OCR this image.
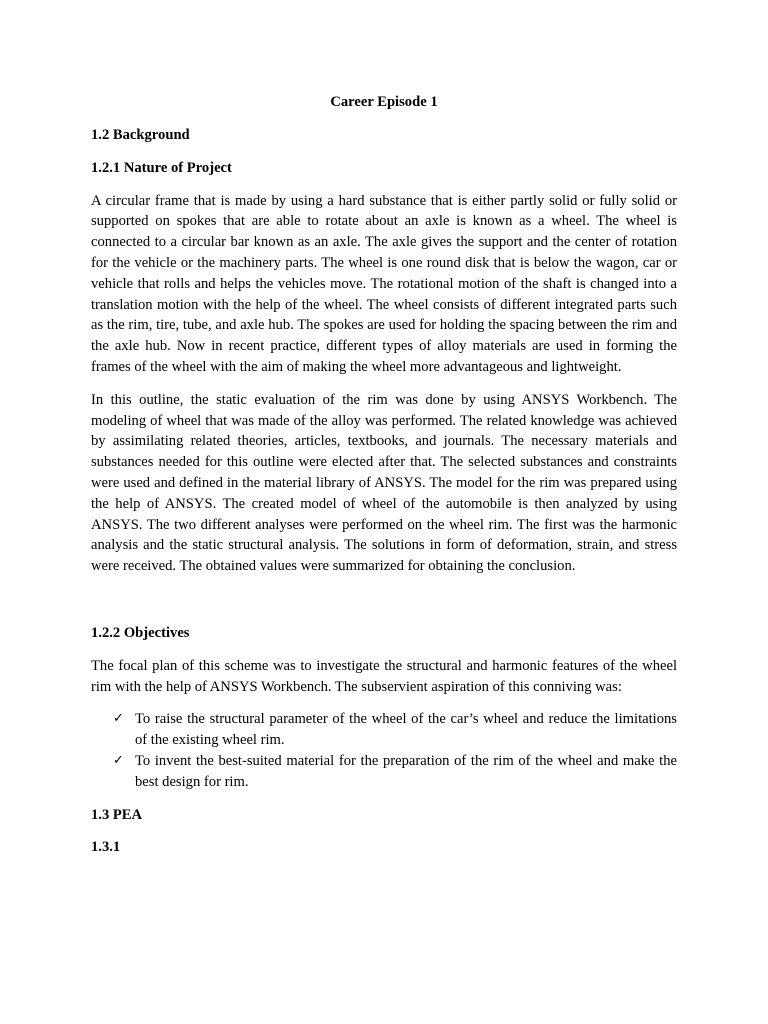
Career Episode 1

1.2 Background

1.2.1 Nature of Project

A circular frame that is made by using a hard substance that is either partly solid or fully solid or supported on spokes that are able to rotate about an axle is known as a wheel. The wheel is connected to a circular bar known as an axle. The axle gives the support and the center of rotation for the vehicle or the machinery parts. The wheel is one round disk that is below the wagon, car or vehicle that rolls and helps the vehicles move. The rotational motion of the shaft is changed into a translation motion with the help of the wheel. The wheel consists of different integrated parts such as the rim, tire, tube, and axle hub. The spokes are used for holding the spacing between the rim and the axle hub. Now in recent practice, different types of alloy materials are used in forming the frames of the wheel with the aim of making the wheel more advantageous and lightweight.

In this outline, the static evaluation of the rim was done by using ANSYS Workbench. The modeling of wheel that was made of the alloy was performed. The related knowledge was achieved by assimilating related theories, articles, textbooks, and journals. The necessary materials and substances needed for this outline were elected after that. The selected substances and constraints were used and defined in the material library of ANSYS. The model for the rim was prepared using the help of ANSYS. The created model of wheel of the automobile is then analyzed by using ANSYS. The two different analyses were performed on the wheel rim. The first was the harmonic analysis and the static structural analysis. The solutions in form of deformation, strain, and stress were received. The obtained values were summarized for obtaining the conclusion.

1.2.2 Objectives

The focal plan of this scheme was to investigate the structural and harmonic features of the wheel rim with the help of ANSYS Workbench. The subservient aspiration of this conniving was:

✓ To raise the structural parameter of the wheel of the car’s wheel and reduce the limitations of the existing wheel rim.
✓ To invent the best-suited material for the preparation of the rim of the wheel and make the best design for rim.

1.3 PEA

1.3.1
